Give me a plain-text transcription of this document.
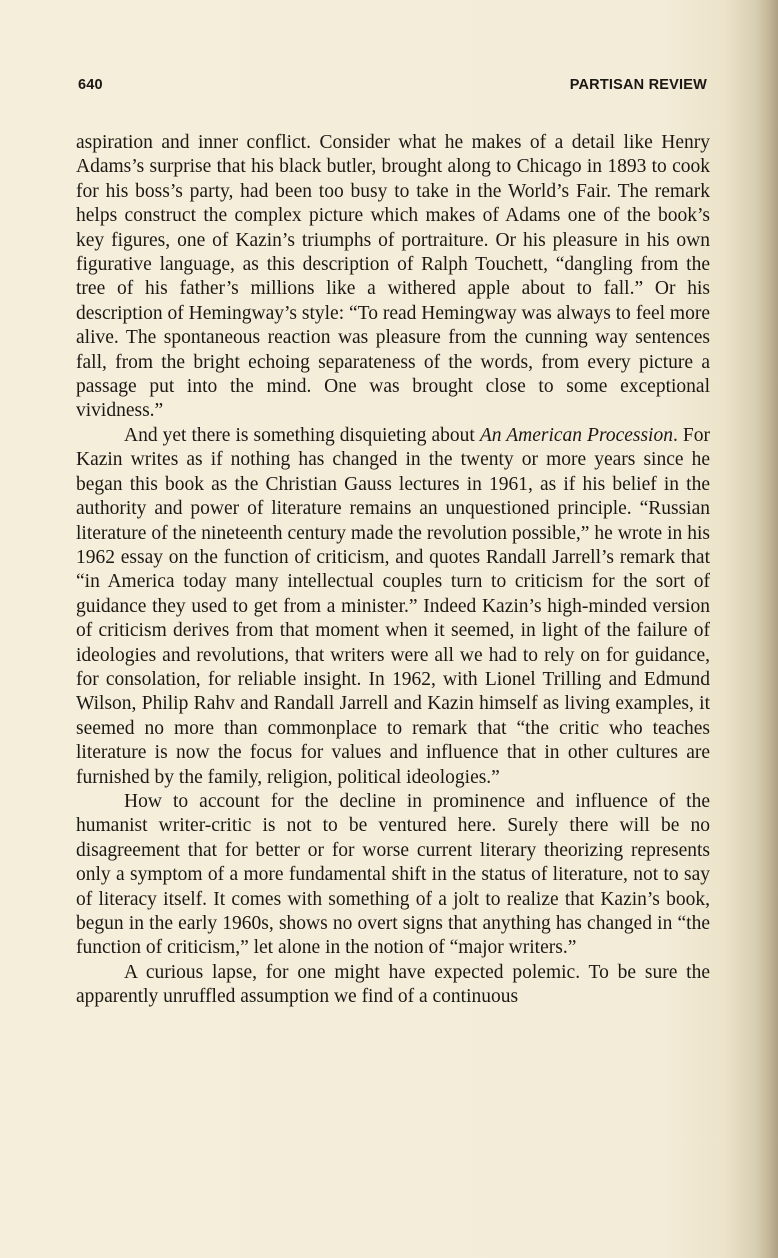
640	PARTISAN REVIEW

aspiration and inner conflict. Consider what he makes of a detail like Henry Adams’s surprise that his black butler, brought along to Chicago in 1893 to cook for his boss’s party, had been too busy to take in the World’s Fair. The remark helps construct the complex picture which makes of Adams one of the book’s key figures, one of Kazin’s triumphs of portraiture. Or his pleasure in his own figurative language, as this description of Ralph Touchett, “dangling from the tree of his father’s millions like a withered apple about to fall.” Or his description of Hemingway’s style: “To read Hemingway was always to feel more alive. The spontaneous reaction was pleasure from the cunning way sentences fall, from the bright echoing separateness of the words, from every picture a passage put into the mind. One was brought close to some exceptional vividness.”

And yet there is something disquieting about An American Procession. For Kazin writes as if nothing has changed in the twenty or more years since he began this book as the Christian Gauss lectures in 1961, as if his belief in the authority and power of literature remains an unquestioned principle. “Russian literature of the nineteenth century made the revolution possible,” he wrote in his 1962 essay on the function of criticism, and quotes Randall Jarrell’s remark that “in America today many intellectual couples turn to criticism for the sort of guidance they used to get from a minister.” Indeed Kazin’s high-minded version of criticism derives from that moment when it seemed, in light of the failure of ideologies and revolutions, that writers were all we had to rely on for guidance, for consolation, for reliable insight. In 1962, with Lionel Trilling and Edmund Wilson, Philip Rahv and Randall Jarrell and Kazin himself as living examples, it seemed no more than commonplace to remark that “the critic who teaches literature is now the focus for values and influence that in other cultures are furnished by the family, religion, political ideologies.”

How to account for the decline in prominence and influence of the humanist writer-critic is not to be ventured here. Surely there will be no disagreement that for better or for worse current literary theorizing represents only a symptom of a more fundamental shift in the status of literature, not to say of literacy itself. It comes with something of a jolt to realize that Kazin’s book, begun in the early 1960s, shows no overt signs that anything has changed in “the function of criticism,” let alone in the notion of “major writers.”

A curious lapse, for one might have expected polemic. To be sure the apparently unruffled assumption we find of a continuous
